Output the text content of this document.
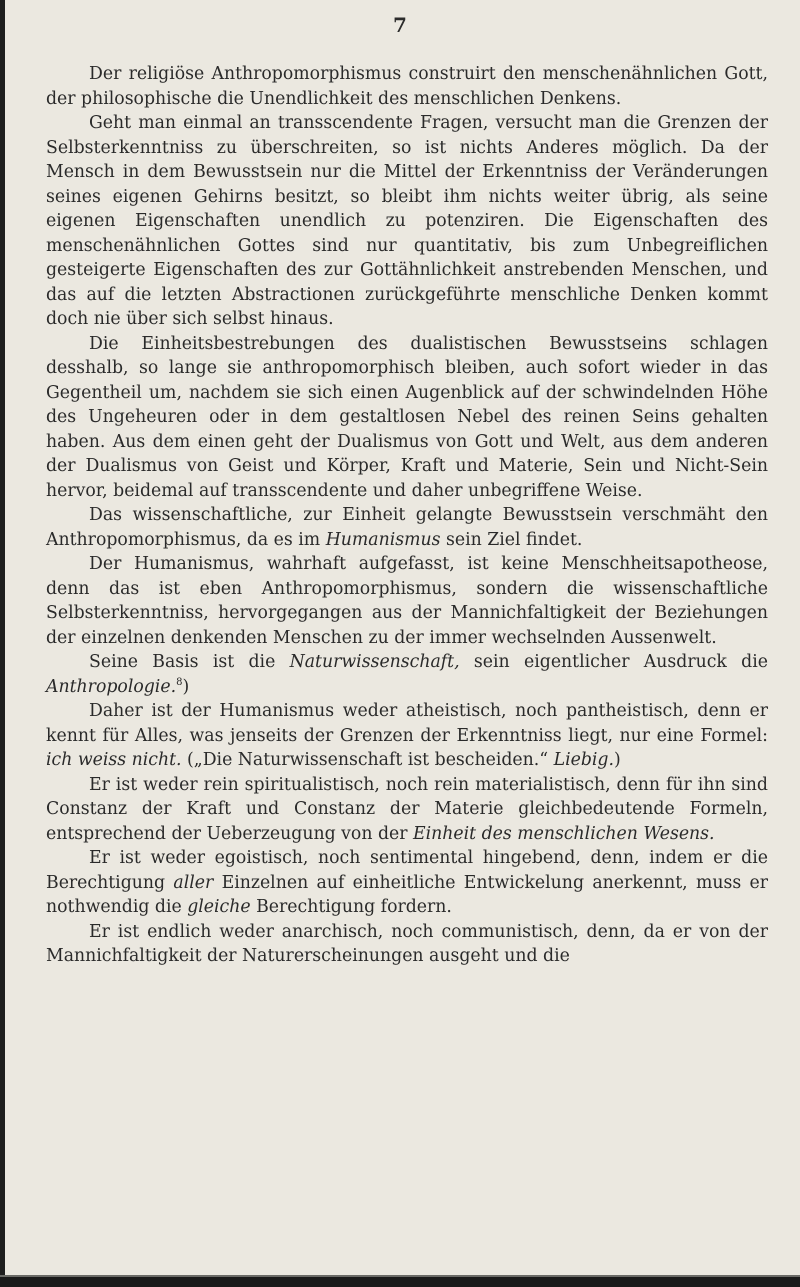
7

Der religiöse Anthropomorphismus construirt den menschenähnlichen Gott, der philosophische die Unendlichkeit des menschlichen Denkens.

Geht man einmal an transscendente Fragen, versucht man die Grenzen der Selbsterkenntniss zu überschreiten, so ist nichts Anderes möglich. Da der Mensch in dem Bewusstsein nur die Mittel der Erkenntniss der Veränderungen seines eigenen Gehirns besitzt, so bleibt ihm nichts weiter übrig, als seine eigenen Eigenschaften unendlich zu potenziren. Die Eigenschaften des menschenähnlichen Gottes sind nur quantitativ, bis zum Unbegreiflichen gesteigerte Eigenschaften des zur Gottähnlichkeit anstrebenden Menschen, und das auf die letzten Abstractionen zurückgeführte menschliche Denken kommt doch nie über sich selbst hinaus.

Die Einheitsbestrebungen des dualistischen Bewusstseins schlagen desshalb, so lange sie anthropomorphisch bleiben, auch sofort wieder in das Gegentheil um, nachdem sie sich einen Augenblick auf der schwindelnden Höhe des Ungeheuren oder in dem gestaltlosen Nebel des reinen Seins gehalten haben. Aus dem einen geht der Dualismus von Gott und Welt, aus dem anderen der Dualismus von Geist und Körper, Kraft und Materie, Sein und Nicht-Sein hervor, beidemal auf transscendente und daher unbegriffene Weise.

Das wissenschaftliche, zur Einheit gelangte Bewusstsein verschmäht den Anthropomorphismus, da es im Humanismus sein Ziel findet.

Der Humanismus, wahrhaft aufgefasst, ist keine Menschheitsapotheose, denn das ist eben Anthropomorphismus, sondern die wissenschaftliche Selbsterkenntniss, hervorgegangen aus der Mannichfaltigkeit der Beziehungen der einzelnen denkenden Menschen zu der immer wechselnden Aussenwelt.

Seine Basis ist die Naturwissenschaft, sein eigentlicher Ausdruck die Anthropologie.$^8$)

Daher ist der Humanismus weder atheistisch, noch pantheistisch, denn er kennt für Alles, was jenseits der Grenzen der Erkenntniss liegt, nur eine Formel: ich weiss nicht. („Die Naturwissenschaft ist bescheiden.“ Liebig.)

Er ist weder rein spiritualistisch, noch rein materialistisch, denn für ihn sind Constanz der Kraft und Constanz der Materie gleichbedeutende Formeln, entsprechend der Ueberzeugung von der Einheit des menschlichen Wesens.

Er ist weder egoistisch, noch sentimental hingebend, denn, indem er die Berechtigung aller Einzelnen auf einheitliche Entwickelung anerkennt, muss er nothwendig die gleiche Berechtigung fordern.

Er ist endlich weder anarchisch, noch communistisch, denn, da er von der Mannichfaltigkeit der Naturerscheinungen ausgeht und die
